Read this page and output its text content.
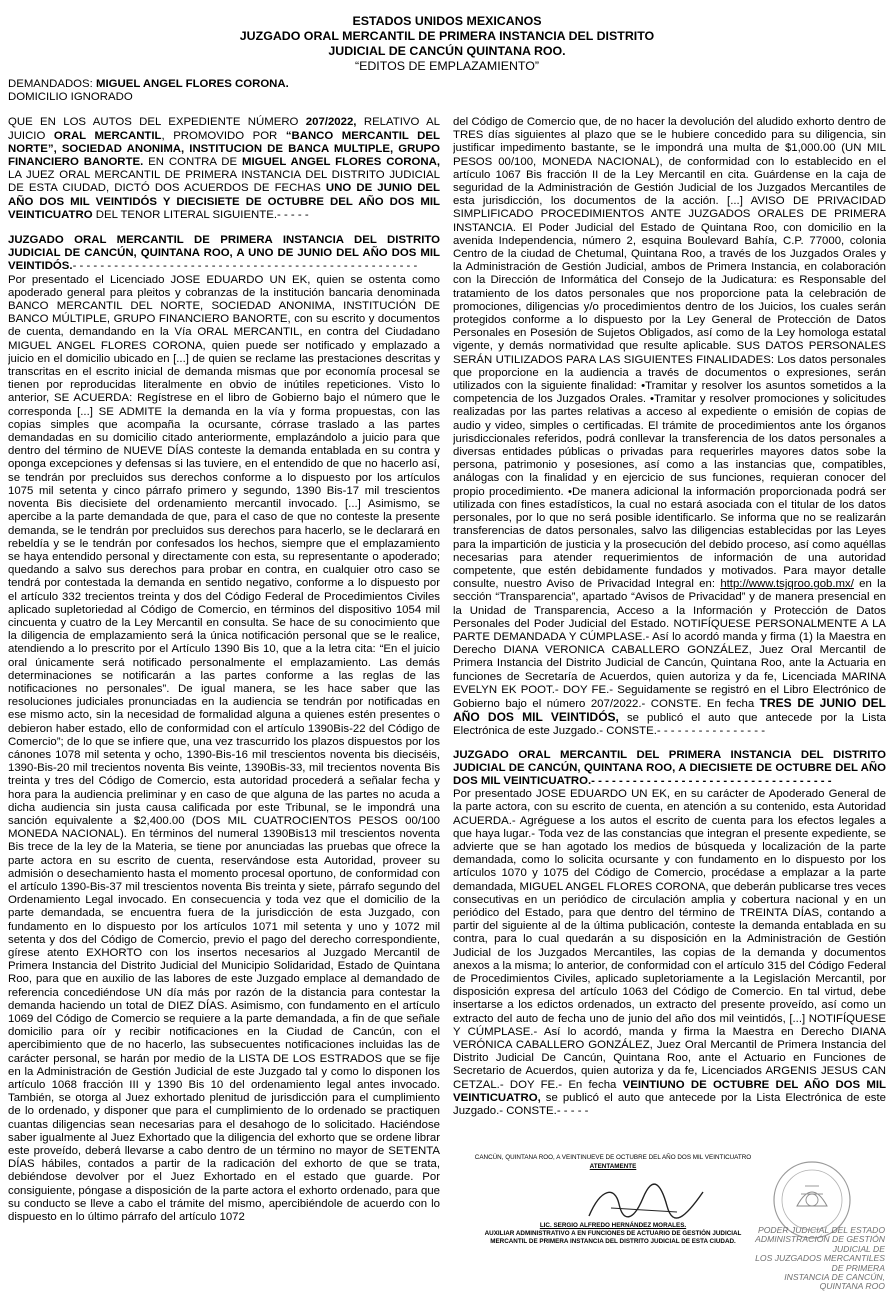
ESTADOS UNIDOS MEXICANOS
JUZGADO ORAL MERCANTIL DE PRIMERA INSTANCIA DEL DISTRITO
JUDICIAL DE CANCÚN QUINTANA ROO.
“EDITOS DE EMPLAZAMIENTO”

DEMANDADOS: MIGUEL ANGEL FLORES CORONA.

DOMICILIO IGNORADO

QUE EN LOS AUTOS DEL EXPEDIENTE NÚMERO 207/2022, RELATIVO AL JUICIO ORAL MERCANTIL, PROMOVIDO POR “BANCO MERCANTIL DEL NORTE”, SOCIEDAD ANONIMA, INSTITUCION DE BANCA MULTIPLE, GRUPO FINANCIERO BANORTE. EN CONTRA DE MIGUEL ANGEL FLORES CORONA, LA JUEZ ORAL MERCANTIL DE PRIMERA INSTANCIA DEL DISTRITO JUDICIAL DE ESTA CIUDAD, DICTÓ DOS ACUERDOS DE FECHAS UNO DE JUNIO DEL AÑO DOS MIL VEINTIDÓS Y DIECISIETE DE OCTUBRE DEL AÑO DOS MIL VEINTICUATRO DEL TENOR LITERAL SIGUIENTE.- - - - -

JUZGADO ORAL MERCANTIL DE PRIMERA INSTANCIA DEL DISTRITO JUDICIAL DE CANCÚN, QUINTANA ROO, A UNO DE JUNIO DEL AÑO DOS MIL VEINTIDÓS.- - - - - - - - - - - - - - - - - - - - - - - - - - - - - - - - - - - - - - - - - - - - - - - - - -

Por presentado el Licenciado JOSE EDUARDO UN EK, quien se ostenta como apoderado general para pleitos y cobranzas de la institución bancaria denominada BANCO MERCANTIL DEL NORTE, SOCIEDAD ANONIMA, INSTITUCIÓN DE BANCO MÚLTIPLE, GRUPO FINANCIERO BANORTE, con su escrito y documentos de cuenta, demandando en la Vía ORAL MERCANTIL, en contra del Ciudadano MIGUEL ANGEL FLORES CORONA, quien puede ser notificado y emplazado a juicio en el domicilio ubicado en [...] de quien se reclame las prestaciones descritas y transcritas en el escrito inicial de demanda mismas que por economía procesal se tienen por reproducidas literalmente en obvio de inútiles repeticiones. Visto lo anterior, SE ACUERDA: Regístrese en el libro de Gobierno bajo el número que le corresponda [...] SE ADMITE la demanda en la vía y forma propuestas, con las copias simples que acompaña la ocursante, córrase traslado a las partes demandadas en su domicilio citado anteriormente, emplazándolo a juicio para que dentro del término de NUEVE DÍAS conteste la demanda entablada en su contra y oponga excepciones y defensas si las tuviere, en el entendido de que no hacerlo así, se tendrán por precluidos sus derechos conforme a lo dispuesto por los artículos 1075 mil setenta y cinco párrafo primero y segundo, 1390 Bis-17 mil trescientos noventa Bis diecisiete del ordenamiento mercantil invocado. [...] Asimismo, se apercibe a la parte demandada de que, para el caso de que no conteste la presente demanda, se le tendrán por precluidos sus derechos para hacerlo, se le declarará en rebeldía y se le tendrán por confesados los hechos, siempre que el emplazamiento se haya entendido personal y directamente con esta, su representante o apoderado; quedando a salvo sus derechos para probar en contra, en cualquier otro caso se tendrá por contestada la demanda en sentido negativo, conforme a lo dispuesto por el artículo 332 trecientos treinta y dos del Código Federal de Procedimientos Civiles aplicado supletoriedad al Código de Comercio, en términos del dispositivo 1054 mil cincuenta y cuatro de la Ley Mercantil en consulta. Se hace de su conocimiento que la diligencia de emplazamiento será la única notificación personal que se le realice, atendiendo a lo prescrito por el Artículo 1390 Bis 10, que a la letra cita: “En el juicio oral únicamente será notificado personalmente el emplazamiento. Las demás determinaciones se notificarán a las partes conforme a las reglas de las notificaciones no personales”. De igual manera, se les hace saber que las resoluciones judiciales pronunciadas en la audiencia se tendrán por notificadas en ese mismo acto, sin la necesidad de formalidad alguna a quienes estén presentes o debieron haber estado, ello de conformidad con el artículo 1390Bis-22 del Código de Comercio”; de lo que se infiere que, una vez trascurrido los plazos dispuestos por los cánones 1078 mil setenta y ocho, 1390-Bis-16 mil trescientos noventa bis dieciséis, 1390-Bis-20 mil trecientos noventa Bis veinte, 1390Bis-33, mil trecientos noventa Bis treinta y tres del Código de Comercio, esta autoridad procederá a señalar fecha y hora para la audiencia preliminar y en caso de que alguna de las partes no acuda a dicha audiencia sin justa causa calificada por este Tribunal, se le impondrá una sanción equivalente a $2,400.00 (DOS MIL CUATROCIENTOS PESOS 00/100 MONEDA NACIONAL). En términos del numeral 1390Bis13 mil trescientos noventa Bis trece de la ley de la Materia, se tiene por anunciadas las pruebas que ofrece la parte actora en su escrito de cuenta, reservándose esta Autoridad, proveer su admisión o desechamiento hasta el momento procesal oportuno, de conformidad con el artículo 1390-Bis-37 mil trescientos noventa Bis treinta y siete, párrafo segundo del Ordenamiento Legal invocado. En consecuencia y toda vez que el domicilio de la parte demandada, se encuentra fuera de la jurisdicción de esta Juzgado, con fundamento en lo dispuesto por los artículos 1071 mil setenta y uno y 1072 mil setenta y dos del Código de Comercio, previo el pago del derecho correspondiente, gírese atento EXHORTO con los insertos necesarios al Juzgado Mercantil de Primera Instancia del Distrito Judicial del Municipio Solidaridad, Estado de Quintana Roo, para que en auxilio de las labores de este Juzgado emplace al demandado de referencia concediéndose UN día más por razón de la distancia para contestar la demanda haciendo un total de DIEZ DÍAS. Asimismo, con fundamento en el artículo 1069 del Código de Comercio se requiere a la parte demandada, a fin de que señale domicilio para oír y recibir notificaciones en la Ciudad de Cancún, con el apercibimiento que de no hacerlo, las subsecuentes notificaciones incluidas las de carácter personal, se harán por medio de la LISTA DE LOS ESTRADOS que se fije en la Administración de Gestión Judicial de este Juzgado tal y como lo disponen los artículo 1068 fracción III y 1390 Bis 10 del ordenamiento legal antes invocado. También, se otorga al Juez exhortado plenitud de jurisdicción para el cumplimiento de lo ordenado, y disponer que para el cumplimiento de lo ordenado se practiquen cuantas diligencias sean necesarias para el desahogo de lo solicitado. Haciéndose saber igualmente al Juez Exhortado que la diligencia del exhorto que se ordene librar este proveído, deberá llevarse a cabo dentro de un término no mayor de SETENTA DÍAS hábiles, contados a partir de la radicación del exhorto de que se trata, debiéndose devolver por el Juez Exhortado en el estado que guarde. Por consiguiente, póngase a disposición de la parte actora el exhorto ordenado, para que su conducto se lleve a cabo el trámite del mismo, apercibiéndole de acuerdo con lo dispuesto en lo último párrafo del artículo 1072

del Código de Comercio que, de no hacer la devolución del aludido exhorto dentro de TRES días siguientes al plazo que se le hubiere concedido para su diligencia, sin justificar impedimento bastante, se le impondrá una multa de $1,000.00 (UN MIL PESOS 00/100, MONEDA NACIONAL), de conformidad con lo establecido en el artículo 1067 Bis fracción II de la Ley Mercantil en cita. Guárdense en la caja de seguridad de la Administración de Gestión Judicial de los Juzgados Mercantiles de esta jurisdicción, los documentos de la acción. [...] AVISO DE PRIVACIDAD SIMPLIFICADO PROCEDIMIENTOS ANTE JUZGADOS ORALES DE PRIMERA INSTANCIA. El Poder Judicial del Estado de Quintana Roo, con domicilio en la avenida Independencia, número 2, esquina Boulevard Bahía, C.P. 77000, colonia Centro de la ciudad de Chetumal, Quintana Roo, a través de los Juzgados Orales y la Administración de Gestión Judicial, ambos de Primera Instancia, en colaboración con la Dirección de Informática del Consejo de la Judicatura: es Responsable del tratamiento de los datos personales que nos proporcione pata la celebración de promociones, diligencias y/o procedimientos dentro de los Juicios, los cuales serán protegidos conforme a lo dispuesto por la Ley General de Protección de Datos Personales en Posesión de Sujetos Obligados, así como de la Ley homologa estatal vigente, y demás normatividad que resulte aplicable. SUS DATOS PERSONALES SERÁN UTILIZADOS PARA LAS SIGUIENTES FINALIDADES: Los datos personales que proporcione en la audiencia a través de documentos o expresiones, serán utilizados con la siguiente finalidad: •Tramitar y resolver los asuntos sometidos a la competencia de los Juzgados Orales. •Tramitar y resolver promociones y solicitudes realizadas por las partes relativas a acceso al expediente o emisión de copias de audio y video, simples o certificadas. El trámite de procedimientos ante los órganos jurisdiccionales referidos, podrá conllevar la transferencia de los datos personales a diversas entidades públicas o privadas para requerirles mayores datos sobe la persona, patrimonio y posesiones, así como a las instancias que, compatibles, análogas con la finalidad y en ejercicio de sus funciones, requieran conocer del propio procedimiento. •De manera adicional la información proporcionada podrá ser utilizada con fines estadísticos, la cual no estará asociada con el titular de los datos personales, por lo que no será posible identificarlo. Se informa que no se realizarán transferencias de datos personales, salvo las diligencias establecidas por las Leyes para la impartición de justicia y la prosecución del debido proceso, así como aquéllas necesarias para atender requerimientos de información de una autoridad competente, que estén debidamente fundados y motivados. Para mayor detalle consulte, nuestro Aviso de Privacidad Integral en: http://www.tsjqroo.gob.mx/ en la sección “Transparencia”, apartado “Avisos de Privacidad” y de manera presencial en la Unidad de Transparencia, Acceso a la Información y Protección de Datos Personales del Poder Judicial del Estado. NOTIFÍQUESE PERSONALMENTE A LA PARTE DEMANDADA Y CÚMPLASE.- Así lo acordó manda y firma (1) la Maestra en Derecho DIANA VERONICA CABALLERO GONZÁLEZ, Juez Oral Mercantil de Primera Instancia del Distrito Judicial de Cancún, Quintana Roo, ante la Actuaria en funciones de Secretaría de Acuerdos, quien autoriza y da fe, Licenciada MARINA EVELYN EK POOT.- DOY FE.- Seguidamente se registró en el Libro Electrónico de Gobierno bajo el número 207/2022.- CONSTE. En fecha TRES DE JUNIO DEL AÑO DOS MIL VEINTIDÓS, se publicó el auto que antecede por la Lista Electrónica de este Juzgado.- CONSTE.- - - - - - - - - - - - - - - -

JUZGADO ORAL MERCANTIL DEL PRIMERA INSTANCIA DEL DISTRITO JUDICIAL DE CANCÚN, QUINTANA ROO, A DIECISIETE DE OCTUBRE DEL AÑO DOS MIL VEINTICUATRO.- - - - - - - - - - - - - - - - - - - - - - - - - - - - - - - - - - -

Por presentado JOSE EDUARDO UN EK, en su carácter de Apoderado General de la parte actora, con su escrito de cuenta, en atención a su contenido, esta Autoridad ACUERDA.- Agréguese a los autos el escrito de cuenta para los efectos legales a que haya lugar.- Toda vez de las constancias que integran el presente expediente, se advierte que se han agotado los medios de búsqueda y localización de la parte demandada, como lo solicita ocursante y con fundamento en lo dispuesto por los artículos 1070 y 1075 del Código de Comercio, procédase a emplazar a la parte demandada, MIGUEL ANGEL FLORES CORONA, que deberán publicarse tres veces consecutivas en un periódico de circulación amplia y cobertura nacional y en un periódico del Estado, para que dentro del término de TREINTA DÍAS, contando a partir del siguiente al de la última publicación, conteste la demanda entablada en su contra, para lo cual quedarán a su disposición en la Administración de Gestión Judicial de los Juzgados Mercantiles, las copias de la demanda y documentos anexos a la misma; lo anterior, de conformidad con el artículo 315 del Código Federal de Procedimientos Civiles, aplicado supletoriamente a la Legislación Mercantil, por disposición expresa del artículo 1063 del Código de Comercio. En tal virtud, debe insertarse a los edictos ordenados, un extracto del presente proveído, así como un extracto del auto de fecha uno de junio del año dos mil veintidós, [...] NOTIFÍQUESE Y CÚMPLASE.- Así lo acordó, manda y firma la Maestra en Derecho DIANA VERÓNICA CABALLERO GONZÁLEZ, Juez Oral Mercantil de Primera Instancia del Distrito Judicial De Cancún, Quintana Roo, ante el Actuario en Funciones de Secretario de Acuerdos, quien autoriza y da fe, Licenciados ARGENIS JESUS CAN CETZAL.- DOY FE.- En fecha VEINTIUNO DE OCTUBRE DEL AÑO DOS MIL VEINTICUATRO, se publicó el auto que antecede por la Lista Electrónica de este Juzgado.- CONSTE.- - - - -

CANCÚN, QUINTANA ROO, A VEINTINUEVE DE OCTUBRE DEL AÑO DOS MIL VEINTICUATRO
ATENTAMENTE
PODER JUDICIAL DEL ESTADO
ADMINISTRACIÓN DE GESTIÓN JUDICIAL DE
LOS JUZGADOS MERCANTILES DE PRIMERA
INSTANCIA DE CANCÚN, QUINTANA ROO
LIC. SERGIO ALFREDO HERNÁNDEZ MORALES.
AUXILIAR ADMINISTRATIVO A EN FUNCIONES DE ACTUARIO DE GESTIÓN JUDICIAL
MERCANTIL DE PRIMERA INSTANCIA DEL DISTRITO JUDICIAL DE ESTA CIUDAD.
